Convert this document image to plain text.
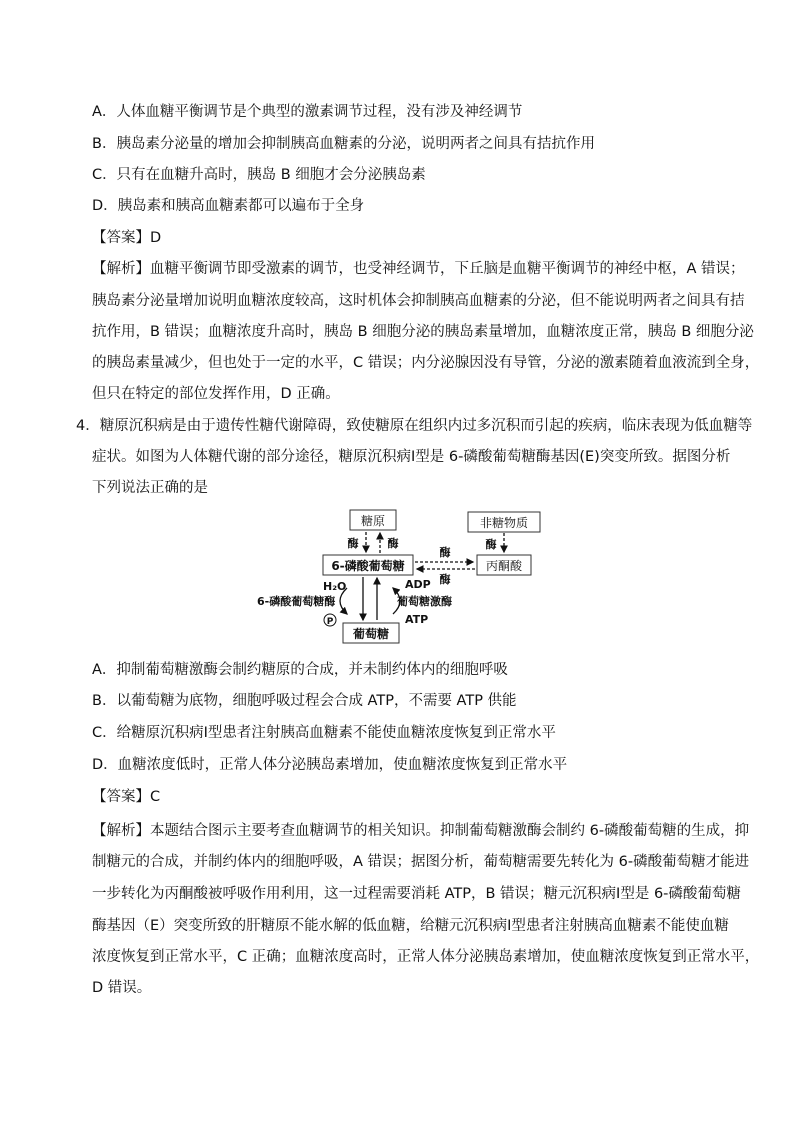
A．人体血糖平衡调节是个典型的激素调节过程，没有涉及神经调节
B．胰岛素分泌量的增加会抑制胰高血糖素的分泌，说明两者之间具有拮抗作用
C．只有在血糖升高时，胰岛 B 细胞才会分泌胰岛素
D．胰岛素和胰高血糖素都可以遍布于全身
【答案】D
【解析】血糖平衡调节即受激素的调节，也受神经调节，下丘脑是血糖平衡调节的神经中枢，A 错误；
胰岛素分泌量增加说明血糖浓度较高，这时机体会抑制胰高血糖素的分泌，但不能说明两者之间具有拮
抗作用，B 错误；血糖浓度升高时，胰岛 B 细胞分泌的胰岛素量增加，血糖浓度正常，胰岛 B 细胞分泌
的胰岛素量减少，但也处于一定的水平，C 错误；内分泌腺因没有导管，分泌的激素随着血液流到全身，
但只在特定的部位发挥作用，D 正确。
4．糖原沉积病是由于遗传性糖代谢障碍，致使糖原在组织内过多沉积而引起的疾病，临床表现为低血糖等
症状。如图为人体糖代谢的部分途径，糖原沉积病Ⅰ型是 6-磷酸葡萄糖酶基因(E)突变所致。据图分析
下列说法正确的是
糖原	非糖物质
6-磷酸葡萄糖	丙酮酸
葡萄糖
酶	酶	酶
酶
酶
H₂O
6-磷酸葡萄糖酶
P
ADP
葡萄糖激酶
ATP
A．抑制葡萄糖激酶会制约糖原的合成，并未制约体内的细胞呼吸
B．以葡萄糖为底物，细胞呼吸过程会合成 ATP，不需要 ATP 供能
C．给糖原沉积病Ⅰ型患者注射胰高血糖素不能使血糖浓度恢复到正常水平
D．血糖浓度低时，正常人体分泌胰岛素增加，使血糖浓度恢复到正常水平
【答案】C
【解析】本题结合图示主要考查血糖调节的相关知识。抑制葡萄糖激酶会制约 6-磷酸葡萄糖的生成，抑
制糖元的合成，并制约体内的细胞呼吸，A 错误；据图分析，葡萄糖需要先转化为 6-磷酸葡萄糖才能进
一步转化为丙酮酸被呼吸作用利用，这一过程需要消耗 ATP，B 错误；糖元沉积病Ⅰ型是 6-磷酸葡萄糖
酶基因（E）突变所致的肝糖原不能水解的低血糖，给糖元沉积病Ⅰ型患者注射胰高血糖素不能使血糖
浓度恢复到正常水平，C 正确；血糖浓度高时，正常人体分泌胰岛素增加，使血糖浓度恢复到正常水平，
D 错误。
